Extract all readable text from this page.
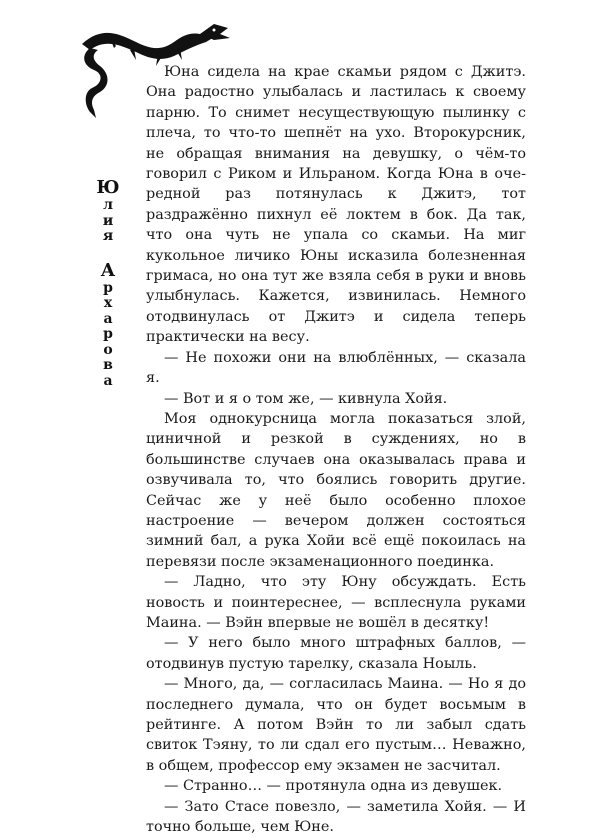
Ю
л
и
я
А
р
х
а
р
о
в
а

Юна сидела на крае скамьи рядом с Джитэ. Она радостно улыбалась и ластилась к своему парню. То снимет несуществующую пылинку с плеча, то что-то шепнёт на ухо. Второкурсник, не обращая внимания на девушку, о чём-то говорил с Риком и Ильраном. Когда Юна в очередной раз потянулась к Джитэ, тот раздражённо пихнул её локтем в бок. Да так, что она чуть не упала со скамьи. На миг кукольное личико Юны исказила болезненная гримаса, но она тут же взяла себя в руки и вновь улыбнулась. Кажется, извинилась. Немного отодвинулась от Джитэ и сидела теперь практически на весу.

— Не похожи они на влюблённых, — сказала я.

— Вот и я о том же, — кивнула Хойя.

Моя однокурсница могла показаться злой, циничной и резкой в суждениях, но в большинстве случаев она оказывалась права и озвучивала то, что боялись говорить другие. Сейчас же у неё было особенно плохое настроение — вечером должен состояться зимний бал, а рука Хойи всё ещё покоилась на перевязи после экзаменационного поединка.

— Ладно, что эту Юну обсуждать. Есть новость и поинтереснее, — всплеснула руками Маина. — Вэйн впервые не вошёл в десятку!

— У него было много штрафных баллов, — отодвинув пустую тарелку, сказала Ноыль.

— Много, да, — согласилась Маина. — Но я до последнего думала, что он будет восьмым в рейтинге. А потом Вэйн то ли забыл сдать свиток Тэяну, то ли сдал его пустым… Неважно, в общем, профессор ему экзамен не засчитал.

— Странно… — протянула одна из девушек.

— Зато Стасе повезло, — заметила Хойя. — И точно больше, чем Юне.
